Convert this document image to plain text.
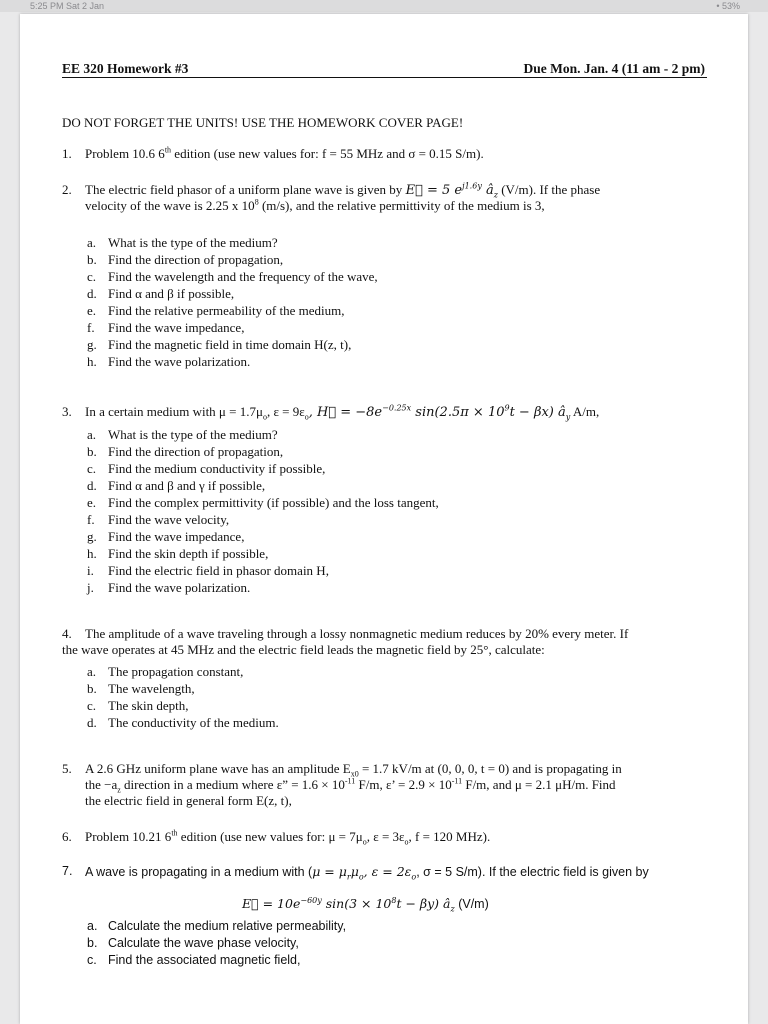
5:25 PM Sat 2 Jan	• 53%
EE 320 Homework #3	Due Mon. Jan. 4 (11 am - 2 pm)
DO NOT FORGET THE UNITS! USE THE HOMEWORK COVER PAGE!
1. Problem 10.6 6th edition (use new values for: f = 55 MHz and σ = 0.15 S/m).
2. The electric field phasor of a uniform plane wave is given by E⃗ = 5 $e^{j1.6y}$ $â_z$ (V/m). If the phase
velocity of the wave is 2.25 x $10^8$ (m/s), and the relative permittivity of the medium is 3,
a. What is the type of the medium?
b. Find the direction of propagation,
c. Find the wavelength and the frequency of the wave,
d. Find α and β if possible,
e. Find the relative permeability of the medium,
f. Find the wave impedance,
g. Find the magnetic field in time domain H(z, t),
h. Find the wave polarization.
3. In a certain medium with $\mu = 1.7\mu_o$, $\varepsilon = 9\varepsilon_o$, H⃗ = $-8e^{-0.25x}$ $\sin(2.5\pi \times 10^9t - \beta x)$ $â_y$ A/m,
a. What is the type of the medium?
b. Find the direction of propagation,
c. Find the medium conductivity if possible,
d. Find α and β and γ if possible,
e. Find the complex permittivity (if possible) and the loss tangent,
f. Find the wave velocity,
g. Find the wave impedance,
h. Find the skin depth if possible,
i. Find the electric field in phasor domain H,
j. Find the wave polarization.
4. The amplitude of a wave traveling through a lossy nonmagnetic medium reduces by 20% every meter. If
the wave operates at 45 MHz and the electric field leads the magnetic field by 25°, calculate:
a. The propagation constant,
b. The wavelength,
c. The skin depth,
d. The conductivity of the medium.
5. A 2.6 GHz uniform plane wave has an amplitude $E_{x0} = 1.7$ kV/m at (0, 0, 0, t = 0) and is propagating in
the $-a_z$ direction in a medium where ε” = $1.6 \times 10^{-11}$ F/m, ε’ = $2.9 \times 10^{-11}$ F/m, and μ = 2.1 μH/m. Find
the electric field in general form E(z, t),
6. Problem 10.21 6th edition (use new values for: $\mu = 7\mu_o$, $\varepsilon = 3\varepsilon_o$, f = 120 MHz).
7. A wave is propagating in a medium with ($\mu = \mu_r\mu_o$, $\varepsilon = 2\varepsilon_o$, σ = 5 S/m). If the electric field is given by
E⃗ = $10e^{-60y}$ $\sin(3 \times 10^8t - \beta y)$ $â_z$ (V/m)
a. Calculate the medium relative permeability,
b. Calculate the wave phase velocity,
c. Find the associated magnetic field,
